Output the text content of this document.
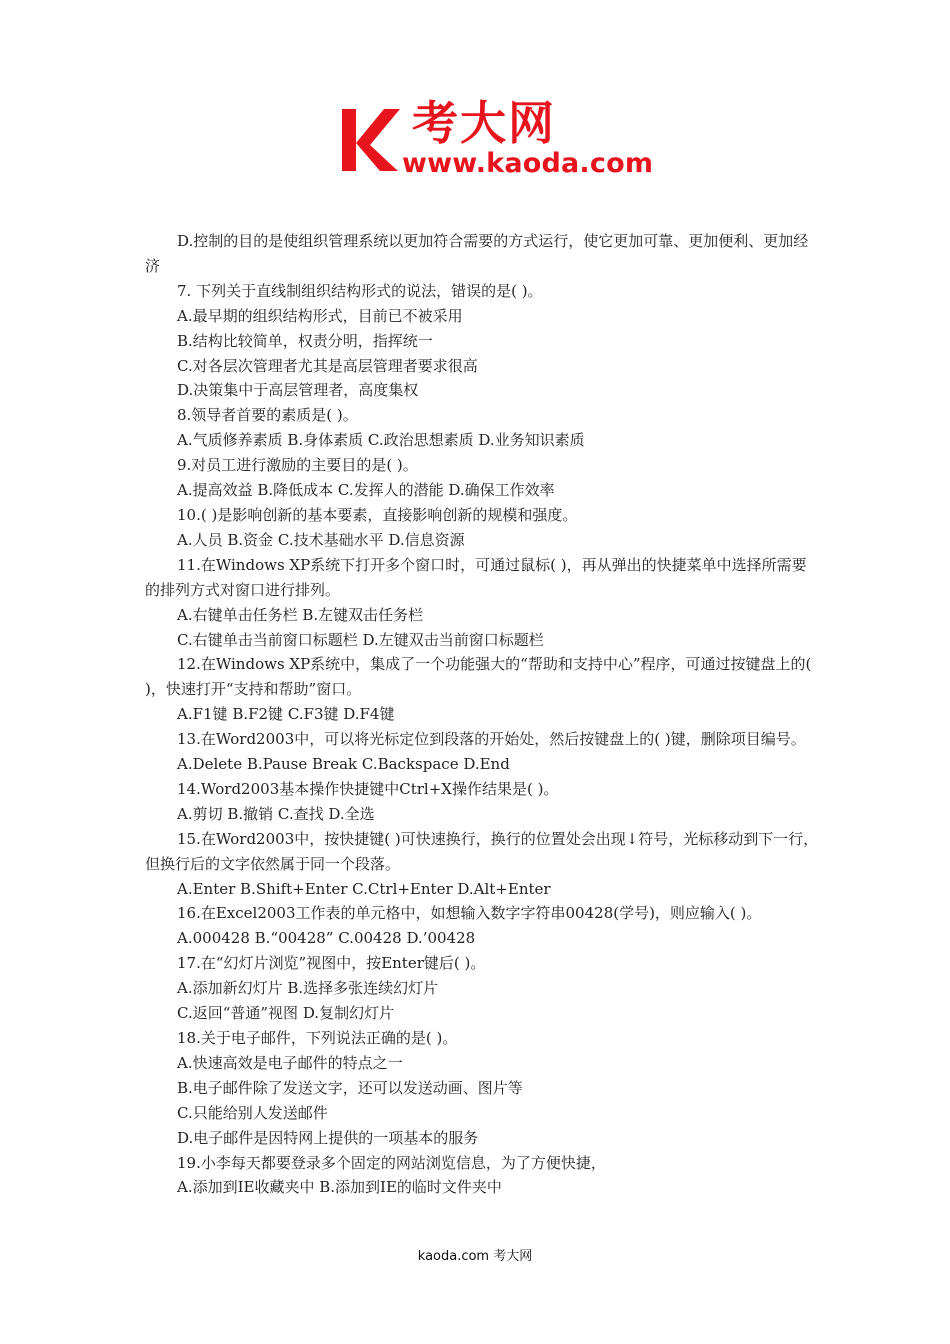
考大网
www.kaoda.com

D.控制的目的是使组织管理系统以更加符合需要的方式运行，使它更加可靠、更加便利、更加经济

7. 下列关于直线制组织结构形式的说法，错误的是( )。

A.最早期的组织结构形式，目前已不被采用

B.结构比较简单，权责分明，指挥统一

C.对各层次管理者尤其是高层管理者要求很高

D.决策集中于高层管理者，高度集权

8.领导者首要的素质是( )。

A.气质修养素质 B.身体素质 C.政治思想素质 D.业务知识素质

9.对员工进行激励的主要目的是( )。

A.提高效益 B.降低成本 C.发挥人的潜能 D.确保工作效率

10.( )是影响创新的基本要素，直接影响创新的规模和强度。

A.人员 B.资金 C.技术基础水平 D.信息资源

11.在Windows XP系统下打开多个窗口时，可通过鼠标( )，再从弹出的快捷菜单中选择所需要的排列方式对窗口进行排列。

A.右键单击任务栏 B.左键双击任务栏

C.右键单击当前窗口标题栏 D.左键双击当前窗口标题栏

12.在Windows XP系统中，集成了一个功能强大的“帮助和支持中心”程序，可通过按键盘上的( )，快速打开“支持和帮助”窗口。

A.F1键 B.F2键 C.F3键 D.F4键

13.在Word2003中，可以将光标定位到段落的开始处，然后按键盘上的( )键，删除项目编号。

A.Delete B.Pause Break C.Backspace D.End

14.Word2003基本操作快捷键中Ctrl+X操作结果是( )。

A.剪切 B.撤销 C.查找 D.全选

15.在Word2003中，按快捷键( )可快速换行，换行的位置处会出现↓符号，光标移动到下一行，但换行后的文字依然属于同一个段落。

A.Enter B.Shift+Enter C.Ctrl+Enter D.Alt+Enter

16.在Excel2003工作表的单元格中，如想输入数字字符串00428(学号)，则应输入( )。

A.000428 B.“00428” C.00428 D.’00428

17.在“幻灯片浏览”视图中，按Enter键后( )。

A.添加新幻灯片 B.选择多张连续幻灯片

C.返回“普通”视图 D.复制幻灯片

18.关于电子邮件，下列说法正确的是( )。

A.快速高效是电子邮件的特点之一

B.电子邮件除了发送文字，还可以发送动画、图片等

C.只能给别人发送邮件

D.电子邮件是因特网上提供的一项基本的服务

19.小李每天都要登录多个固定的网站浏览信息，为了方便快捷，

A.添加到IE收藏夹中 B.添加到IE的临时文件夹中

kaoda.com 考大网
